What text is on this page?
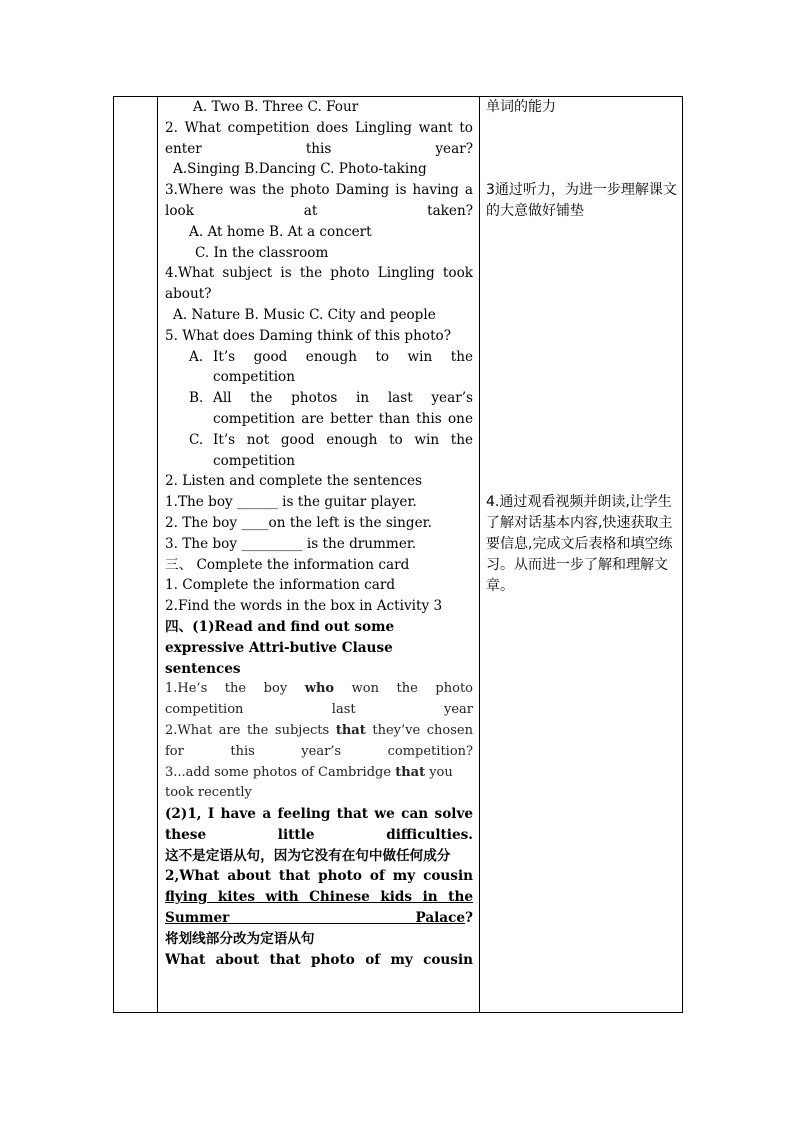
A. Two B. Three C. Four
2. What competition does Lingling want to enter this year?
A.Singing B.Dancing C. Photo-taking
3.Where was the photo Daming is having a look at taken?
A. At home B. At a concert
C. In the classroom
4.What subject is the photo Lingling took about?
A. Nature B. Music C. City and people
5. What does Daming think of this photo?
A. It’s good enough to win the competition
B. All the photos in last year’s competition are better than this one
C. It’s not good enough to win the competition
2. Listen and complete the sentences
1.The boy ______ is the guitar player.
2. The boy ____on the left is the singer.
3. The boy _________ is the drummer.
三、 Complete the information card
1. Complete the information card
2.Find the words in the box in Activity 3
四、(1)Read and find out some expressive Attri-butive Clause sentences
1.He’s the boy who won the photo competition last year
2.What are the subjects that they’ve chosen for this year’s competition?
3...add some photos of Cambridge that you took recently
(2)1, I have a feeling that we can solve these little difficulties.
这不是定语从句，因为它没有在句中做任何成分
2,What about that photo of my cousin flying kites with Chinese kids in the Summer Palace?
将划线部分改为定语从句
What about that photo of my cousin

单词的能力
3通过听力，为进一步理解课文的大意做好铺垫
4.通过观看视频并朗读,让学生了解对话基本内容,快速获取主要信息,完成文后表格和填空练习。从而进一步了解和理解文章。
